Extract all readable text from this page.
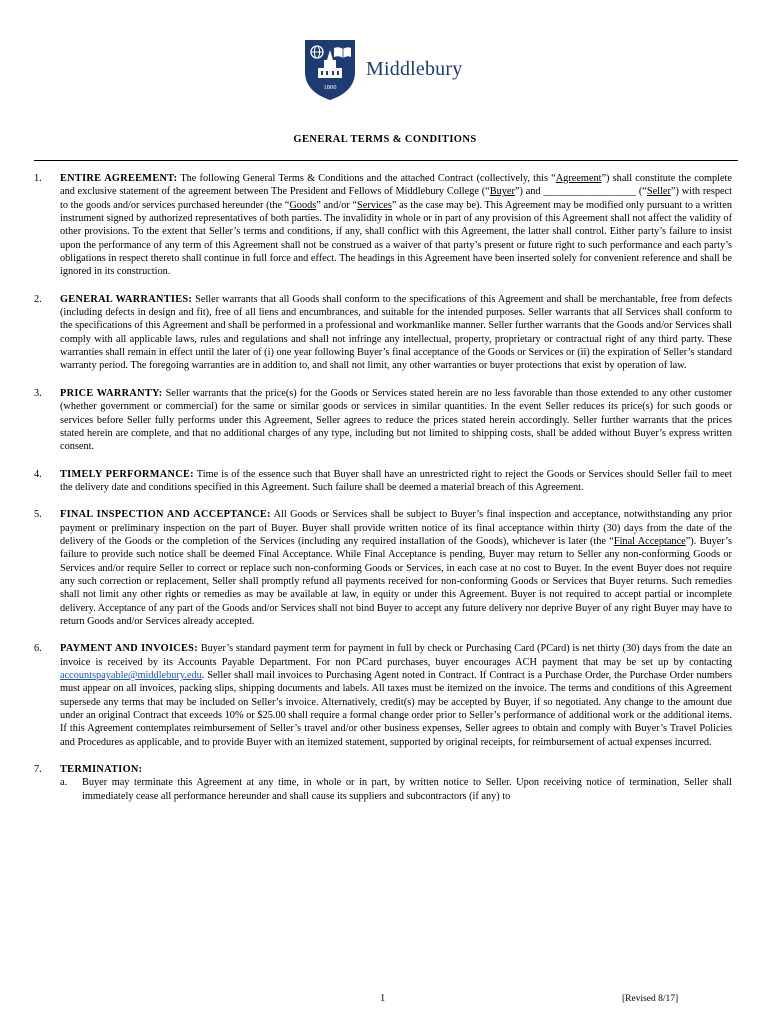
1800
Middlebury
GENERAL TERMS & CONDITIONS
1.	ENTIRE AGREEMENT: The following General Terms & Conditions and the attached Contract (collectively, this “Agreement”) shall constitute the complete and exclusive statement of the agreement between The President and Fellows of Middlebury College (“Buyer”) and __________________ (“Seller”) with respect to the goods and/or services purchased hereunder (the “Goods” and/or “Services” as the case may be). This Agreement may be modified only pursuant to a written instrument signed by authorized representatives of both parties. The invalidity in whole or in part of any provision of this Agreement shall not affect the validity of other provisions. To the extent that Seller’s terms and conditions, if any, shall conflict with this Agreement, the latter shall control. Either party’s failure to insist upon the performance of any term of this Agreement shall not be construed as a waiver of that party’s present or future right to such performance and each party’s obligations in respect thereto shall continue in full force and effect. The headings in this Agreement have been inserted solely for convenient reference and shall be ignored in its construction.
2.	GENERAL WARRANTIES: Seller warrants that all Goods shall conform to the specifications of this Agreement and shall be merchantable, free from defects (including defects in design and fit), free of all liens and encumbrances, and suitable for the intended purposes. Seller warrants that all Services shall conform to the specifications of this Agreement and shall be performed in a professional and workmanlike manner. Seller further warrants that the Goods and/or Services shall comply with all applicable laws, rules and regulations and shall not infringe any intellectual, property, proprietary or contractual right of any third party. These warranties shall remain in effect until the later of (i) one year following Buyer’s final acceptance of the Goods or Services or (ii) the expiration of Seller’s standard warranty period. The foregoing warranties are in addition to, and shall not limit, any other warranties or buyer protections that exist by operation of law.
3.	PRICE WARRANTY: Seller warrants that the price(s) for the Goods or Services stated herein are no less favorable than those extended to any other customer (whether government or commercial) for the same or similar goods or services in similar quantities. In the event Seller reduces its price(s) for such goods or services before Seller fully performs under this Agreement, Seller agrees to reduce the prices stated herein accordingly. Seller further warrants that the prices stated herein are complete, and that no additional charges of any type, including but not limited to shipping costs, shall be added without Buyer’s express written consent.
4.	TIMELY PERFORMANCE: Time is of the essence such that Buyer shall have an unrestricted right to reject the Goods or Services should Seller fail to meet the delivery date and conditions specified in this Agreement. Such failure shall be deemed a material breach of this Agreement.
5.	FINAL INSPECTION AND ACCEPTANCE: All Goods or Services shall be subject to Buyer’s final inspection and acceptance, notwithstanding any prior payment or preliminary inspection on the part of Buyer. Buyer shall provide written notice of its final acceptance within thirty (30) days from the date of the delivery of the Goods or the completion of the Services (including any required installation of the Goods), whichever is later (the “Final Acceptance”). Buyer’s failure to provide such notice shall be deemed Final Acceptance. While Final Acceptance is pending, Buyer may return to Seller any non-conforming Goods or Services and/or require Seller to correct or replace such non-conforming Goods or Services, in each case at no cost to Buyer. In the event Buyer does not require any such correction or replacement, Seller shall promptly refund all payments received for non-conforming Goods or Services that Buyer returns. Such remedies shall not limit any other rights or remedies as may be available at law, in equity or under this Agreement. Buyer is not required to accept partial or incomplete delivery. Acceptance of any part of the Goods and/or Services shall not bind Buyer to accept any future delivery nor deprive Buyer of any right Buyer may have to return Goods and/or Services already accepted.
6.	PAYMENT AND INVOICES: Buyer’s standard payment term for payment in full by check or Purchasing Card (PCard) is net thirty (30) days from the date an invoice is received by its Accounts Payable Department. For non PCard purchases, buyer encourages ACH payment that may be set up by contacting accountspayable@middlebury.edu. Seller shall mail invoices to Purchasing Agent noted in Contract. If Contract is a Purchase Order, the Purchase Order numbers must appear on all invoices, packing slips, shipping documents and labels. All taxes must be itemized on the invoice. The terms and conditions of this Agreement supersede any terms that may be included on Seller’s invoice. Alternatively, credit(s) may be accepted by Buyer, if so negotiated. Any change to the amount due under an original Contract that exceeds 10% or $25.00 shall require a formal change order prior to Seller’s performance of additional work or the additional items. If this Agreement contemplates reimbursement of Seller’s travel and/or other business expenses, Seller agrees to obtain and comply with Buyer’s Travel Policies and Procedures as applicable, and to provide Buyer with an itemized statement, supported by original receipts, for reimbursement of actual expenses incurred.
7.	TERMINATION:
a.	Buyer may terminate this Agreement at any time, in whole or in part, by written notice to Seller. Upon receiving notice of termination, Seller shall immediately cease all performance hereunder and shall cause its suppliers and subcontractors (if any) to
1	[Revised 8/17]
